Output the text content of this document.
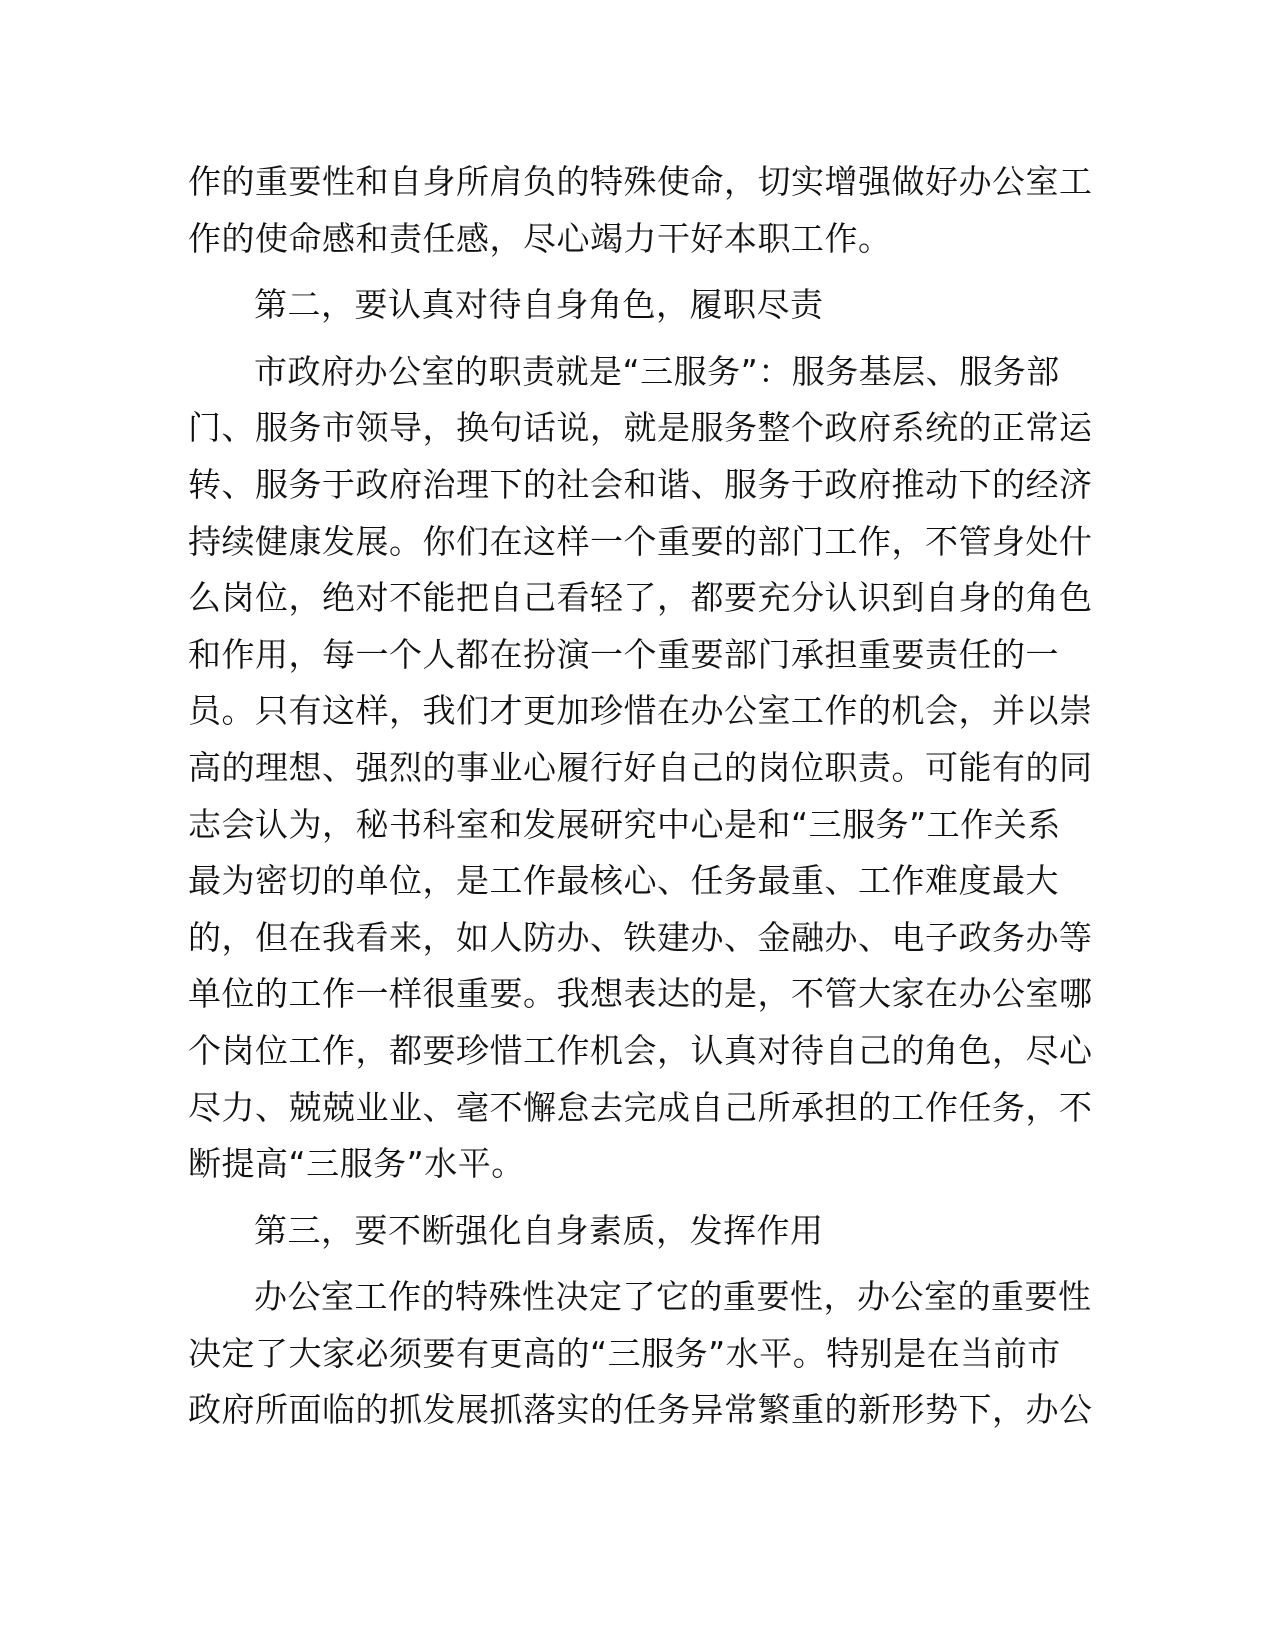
作的重要性和自身所肩负的特殊使命，切实增强做好办公室工
作的使命感和责任感，尽心竭力干好本职工作。
第二，要认真对待自身角色，履职尽责
市政府办公室的职责就是“三服务”：服务基层、服务部
门、服务市领导，换句话说，就是服务整个政府系统的正常运
转、服务于政府治理下的社会和谐、服务于政府推动下的经济
持续健康发展。你们在这样一个重要的部门工作，不管身处什
么岗位，绝对不能把自己看轻了，都要充分认识到自身的角色
和作用，每一个人都在扮演一个重要部门承担重要责任的一
员。只有这样，我们才更加珍惜在办公室工作的机会，并以崇
高的理想、强烈的事业心履行好自己的岗位职责。可能有的同
志会认为，秘书科室和发展研究中心是和“三服务”工作关系
最为密切的单位，是工作最核心、任务最重、工作难度最大
的，但在我看来，如人防办、铁建办、金融办、电子政务办等
单位的工作一样很重要。我想表达的是，不管大家在办公室哪
个岗位工作，都要珍惜工作机会，认真对待自己的角色，尽心
尽力、兢兢业业、毫不懈怠去完成自己所承担的工作任务，不
断提高“三服务”水平。
第三，要不断强化自身素质，发挥作用
办公室工作的特殊性决定了它的重要性，办公室的重要性
决定了大家必须要有更高的“三服务”水平。特别是在当前市
政府所面临的抓发展抓落实的任务异常繁重的新形势下，办公
